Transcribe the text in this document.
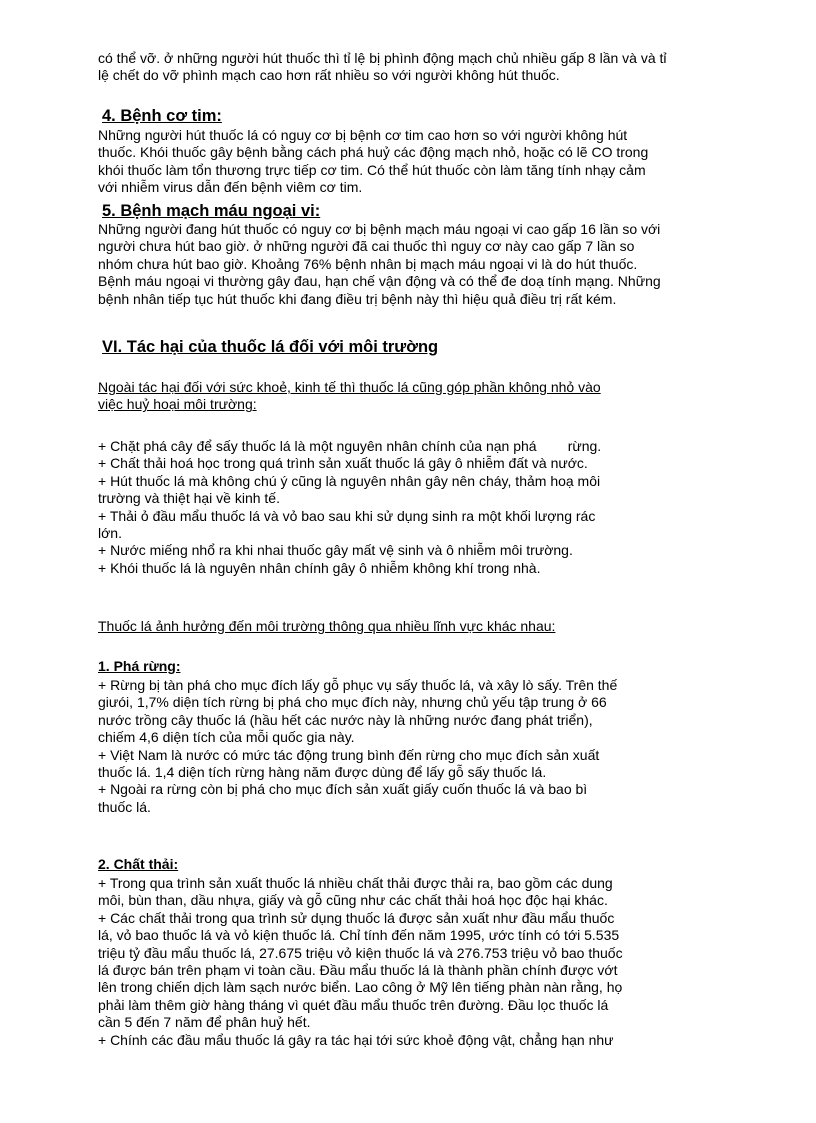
có thể vỡ. ở những người hút thuốc thì tỉ lệ bị phình động mạch chủ nhiều gấp 8 lần và và tỉ
lệ chết do vỡ phình mạch cao hơn rất nhiều so với người không hút thuốc.
4. Bệnh cơ tim:
Những người hút thuốc lá có nguy cơ bị bệnh cơ tim cao hơn so với người không hút
thuốc. Khói thuốc gây bệnh bằng cách phá huỷ các động mạch nhỏ, hoặc có lẽ CO trong
khói thuốc làm tổn thương trực tiếp cơ tim. Có thể hút thuốc còn làm tăng tính nhạy cảm
với nhiễm virus dẫn đến bệnh viêm cơ tim.
5. Bệnh mạch máu ngoại vi:
Những người đang hút thuốc có nguy cơ bị bệnh mạch máu ngoại vi cao gấp 16 lần so với
người chưa hút bao giờ. ở những người đã cai thuốc thì nguy cơ này cao gấp 7 lần so
nhóm chưa hút bao giờ. Khoảng 76% bệnh nhân bị mạch máu ngoại vi là do hút thuốc.
Bệnh máu ngoại vi thường gây đau, hạn chế vận động và có thể đe doạ tính mạng. Những
bệnh nhân tiếp tục hút thuốc khi đang điều trị bệnh này thì hiệu quả điều trị rất kém.
VI. Tác hại của thuốc lá đối với môi trường
Ngoài tác hại đối với sức khoẻ, kinh tế thì thuốc lá cũng góp phần không nhỏ vào
việc huỷ hoại môi trường:
+ Chặt phá cây để sấy thuốc lá là một nguyên nhân chính của nạn phá        rừng.
+ Chất thải hoá học trong quá trình sản xuất thuốc lá gây ô nhiễm đất và nước.
+ Hút thuốc lá mà không chú ý cũng là nguyên nhân gây nên cháy, thảm hoạ môi
trường và thiệt hại về kinh tế.
+ Thải ỏ đầu mẩu thuốc lá và vỏ bao sau khi sử dụng sinh ra một khối lượng rác
lớn.
+ Nước miếng nhổ ra khi nhai thuốc gây mất vệ sinh và ô nhiễm môi trường.
+ Khói thuốc lá là nguyên nhân chính gây ô nhiễm không khí trong nhà.
Thuốc lá ảnh hưởng đến môi trường thông qua nhiều lĩnh vực khác nhau:
1. Phá rừng:
+ Rừng bị tàn phá cho mục đích lấy gỗ phục vụ sấy thuốc lá, và xây lò sấy. Trên thế
giưói, 1,7% diện tích rừng bị phá cho mục đích này, nhưng chủ yếu tập trung ở 66
nước trồng cây thuốc lá (hầu hết các nước này là những nước đang phát triển),
chiếm 4,6 diện tích của mỗi quốc gia này.
+ Việt Nam là nước có mức tác động trung bình đến rừng cho mục đích sản xuất
thuốc lá. 1,4 diện tích rừng hàng năm được dùng để lấy gỗ sấy thuốc lá.
+ Ngoài ra rừng còn bị phá cho mục đích sản xuất giấy cuốn thuốc lá và bao bì
thuốc lá.
2. Chất thải:
+ Trong qua trình sản xuất thuốc lá nhiều chất thải được thải ra, bao gồm các dung
môi, bùn than, dầu nhựa, giấy và gỗ cũng như các chất thải hoá học độc hại khác.
+ Các chất thải trong qua trình sử dụng thuốc lá được sản xuất như đầu mẩu thuốc
lá, vỏ bao thuốc lá và vỏ kiện thuốc lá. Chỉ tính đến năm 1995, ước tính có tới 5.535
triệu tỷ đầu mẩu thuốc lá, 27.675 triệu vỏ kiện thuốc lá và 276.753 triệu vỏ bao thuốc
lá được bán trên phạm vi toàn cầu. Đầu mẩu thuốc lá là thành phần chính được vớt
lên trong chiến dịch làm sạch nước biển. Lao công ở Mỹ lên tiếng phàn nàn rằng, họ
phải làm thêm giờ hàng tháng vì quét đầu mẩu thuốc trên đường. Đầu lọc thuốc lá
cần 5 đến 7 năm để phân huỷ hết.
+ Chính các đầu mẩu thuốc lá gây ra tác hại tới sức khoẻ động vật, chẳng hạn như
